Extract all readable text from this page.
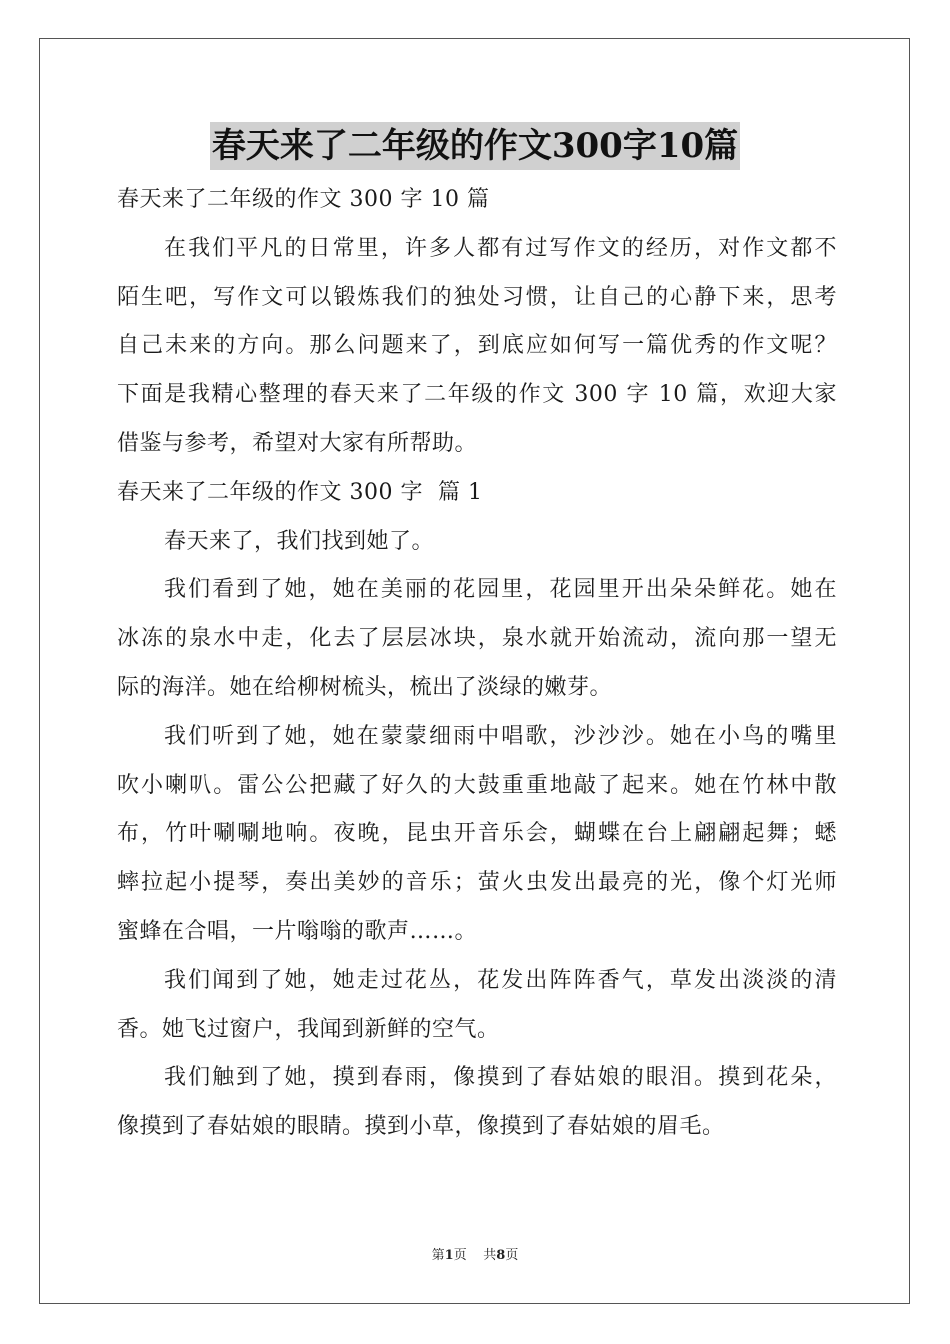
春天来了二年级的作文300字10篇
春天来了二年级的作文 300 字 10 篇
在我们平凡的日常里，许多人都有过写作文的经历，对作文都不
陌生吧，写作文可以锻炼我们的独处习惯，让自己的心静下来，思考
自己未来的方向。那么问题来了，到底应如何写一篇优秀的作文呢？
下面是我精心整理的春天来了二年级的作文 300 字 10 篇，欢迎大家
借鉴与参考，希望对大家有所帮助。
春天来了二年级的作文 300 字  篇 1
春天来了，我们找到她了。
我们看到了她，她在美丽的花园里，花园里开出朵朵鲜花。她在
冰冻的泉水中走，化去了层层冰块，泉水就开始流动，流向那一望无
际的海洋。她在给柳树梳头，梳出了淡绿的嫩芽。
我们听到了她，她在蒙蒙细雨中唱歌，沙沙沙。她在小鸟的嘴里
吹小喇叭。雷公公把藏了好久的大鼓重重地敲了起来。她在竹林中散
布，竹叶唰唰地响。夜晚，昆虫开音乐会，蝴蝶在台上翩翩起舞；蟋
蟀拉起小提琴，奏出美妙的音乐；萤火虫发出最亮的光，像个灯光师
蜜蜂在合唱，一片嗡嗡的歌声……。
我们闻到了她，她走过花丛，花发出阵阵香气，草发出淡淡的清
香。她飞过窗户，我闻到新鲜的空气。
我们触到了她，摸到春雨，像摸到了春姑娘的眼泪。摸到花朵，
像摸到了春姑娘的眼睛。摸到小草，像摸到了春姑娘的眉毛。
第1页 共8页
